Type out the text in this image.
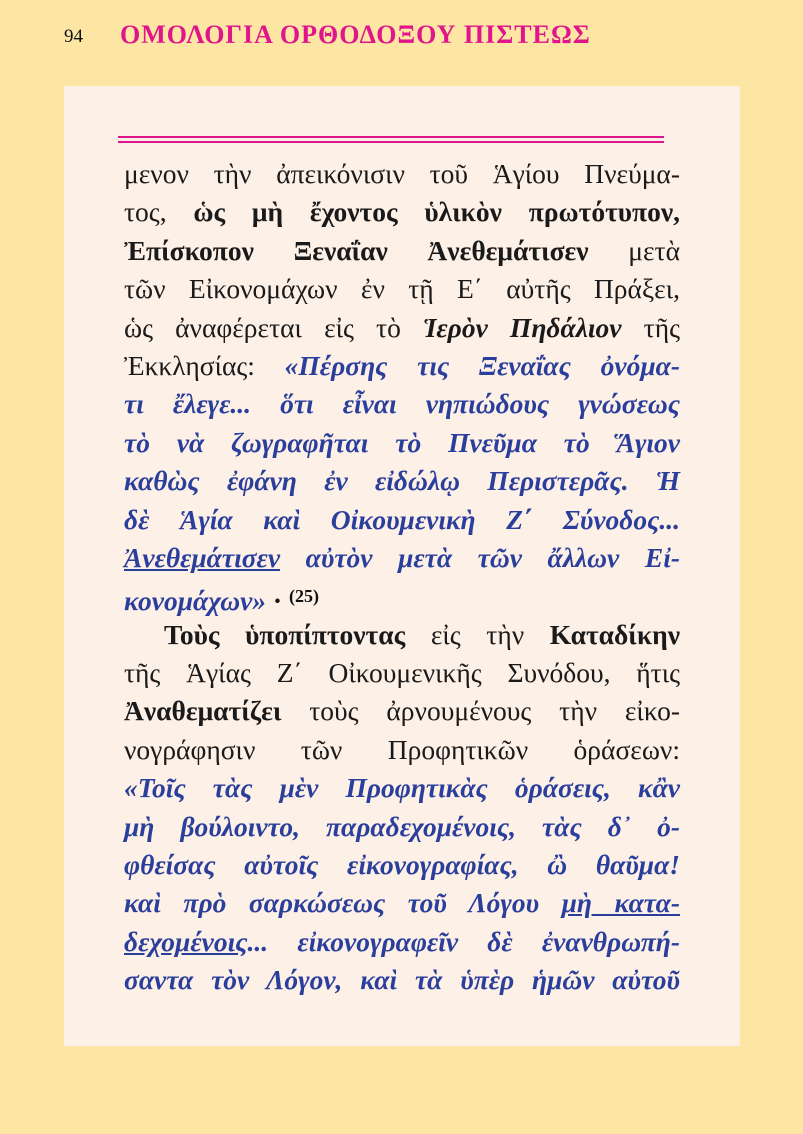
94 ΟΜΟΛΟΓΙΑ ΟΡΘΟΔΟΞΟΥ ΠΙΣΤΕΩΣ
μενον τὴν ἀπεικόνισιν τοῦ Ἁγίου Πνεύμα-
τος, ὡς μὴ ἔχοντος ὑλικὸν πρωτότυπον,
Ἐπίσκοπον Ξεναΐαν Ἀνεθεμάτισεν μετὰ
τῶν Εἰκονομάχων ἐν τῇ Ε΄ αὐτῆς Πράξει,
ὡς ἀναφέρεται εἰς τὸ Ἱερὸν Πηδάλιον τῆς
Ἐκκλησίας: «Πέρσης τις Ξεναΐας ὀνόμα-
τι ἔλεγε... ὅτι εἶναι νηπιώδους γνώσεως
τὸ νὰ ζωγραφῆται τὸ Πνεῦμα τὸ Ἅγιον
καθὼς ἐφάνη ἐν εἰδώλῳ Περιστερᾶς. Ἡ
δὲ Ἁγία καὶ Οἰκουμενικὴ Ζ΄ Σύνοδος...
Ἀνεθεμάτισεν αὐτὸν μετὰ τῶν ἄλλων Εἰ-
κονομάχων» · $^{(25)}$
Τοὺς ὑποπίπτοντας εἰς τὴν Καταδίκην
τῆς Ἁγίας Ζ΄ Οἰκουμενικῆς Συνόδου, ἥτις
Ἀναθεματίζει τοὺς ἀρνουμένους τὴν εἰκο-
νογράφησιν τῶν Προφητικῶν ὁράσεων:
«Τοῖς τὰς μὲν Προφητικὰς ὁράσεις, κἂν
μὴ βούλοιντο, παραδεχομένοις, τὰς δ᾿ ὀ-
φθείσας αὐτοῖς εἰκονογραφίας, ὢ θαῦμα!
καὶ πρὸ σαρκώσεως τοῦ Λόγου μὴ κατα-
δεχομένοις... εἰκονογραφεῖν δὲ ἐνανθρωπή-
σαντα τὸν Λόγον, καὶ τὰ ὑπὲρ ἡμῶν αὐτοῦ
